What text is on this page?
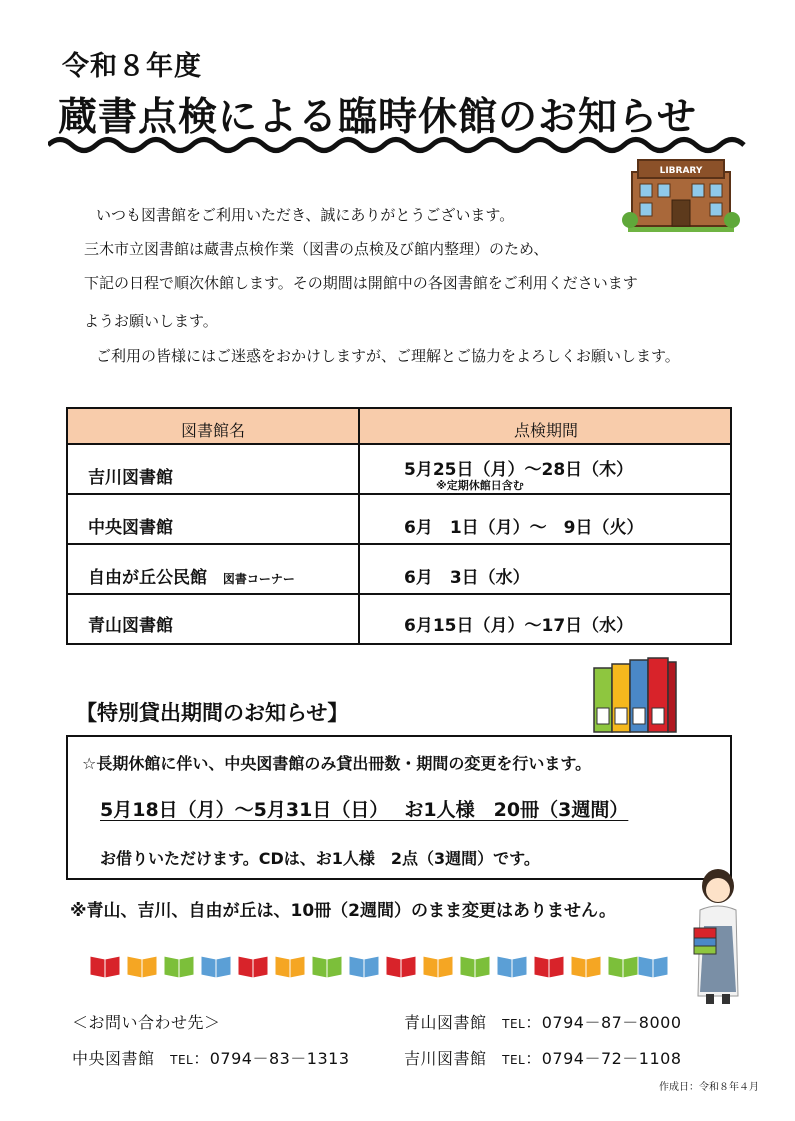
令和８年度
蔵書点検による臨時休館のお知らせ
LIBRARY
いつも図書館をご利用いただき、誠にありがとうございます。
三木市立図書館は蔵書点検作業（図書の点検及び館内整理）のため、
下記の日程で順次休館します。その期間は開館中の各図書館をご利用くださいます
ようお願いします。
ご利用の皆様にはご迷惑をおかけしますが、ご理解とご協力をよろしくお願いします。
図書館名	点検期間
吉川図書館	5月25日（月）～28日（木）
※定期休館日含む
中央図書館	6月　1日（月）～　9日（火）
自由が丘公民館 図書コーナー	6月　3日（水）
青山図書館	6月15日（月）～17日（水）
【特別貸出期間のお知らせ】
☆長期休館に伴い、中央図書館のみ貸出冊数・期間の変更を行います。
5月18日（月）～5月31日（日）　 お1人様　20冊（3週間）
お借りいただけます。CDは、お1人様　2点（3週間）です。
※青山、吉川、自由が丘は、10冊（2週間）のまま変更はありません。
＜お問い合わせ先＞	青山図書館 TEL：0794－87－8000
中央図書館 TEL：0794－83－1313	吉川図書館 TEL：0794－72－1108
作成日：令和８年４月
